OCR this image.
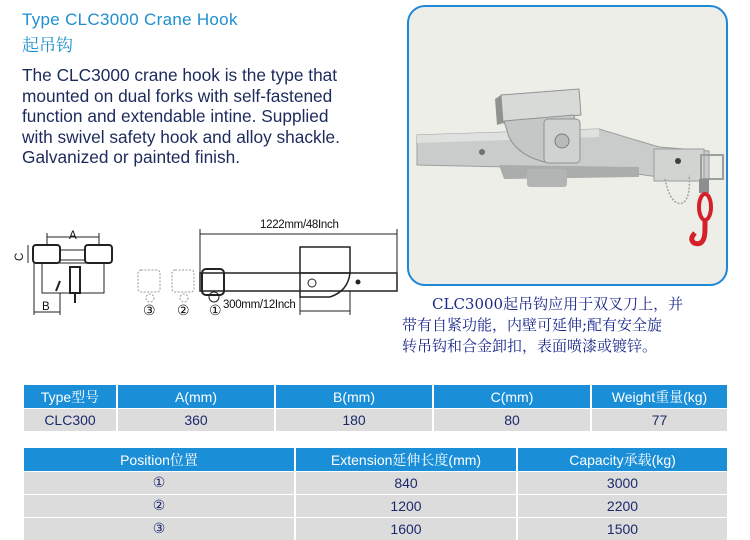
Type CLC3000 Crane Hook
起吊钩
The CLC3000 crane hook is the type that
mounted on dual forks with self-fastened
function and extendable intine. Supplied
with swivel safety hook and alloy shackle.
Galvanized or painted finish.
CLC3000起吊钩应用于双叉刀上，并
带有自紧功能，内壁可延伸;配有安全旋
转吊钩和合金卸扣，表面喷漆或镀锌。
A
C
B
1222mm/48Inch
300mm/12Inch
③ ② ①
Type型号	A(mm)	B(mm)	C(mm)	Weight重量(kg)
CLC300	360	180	80	77
Position位置	Extension延伸长度(mm)	Capacity承载(kg)
①	840	3000
②	1200	2200
③	1600	1500
